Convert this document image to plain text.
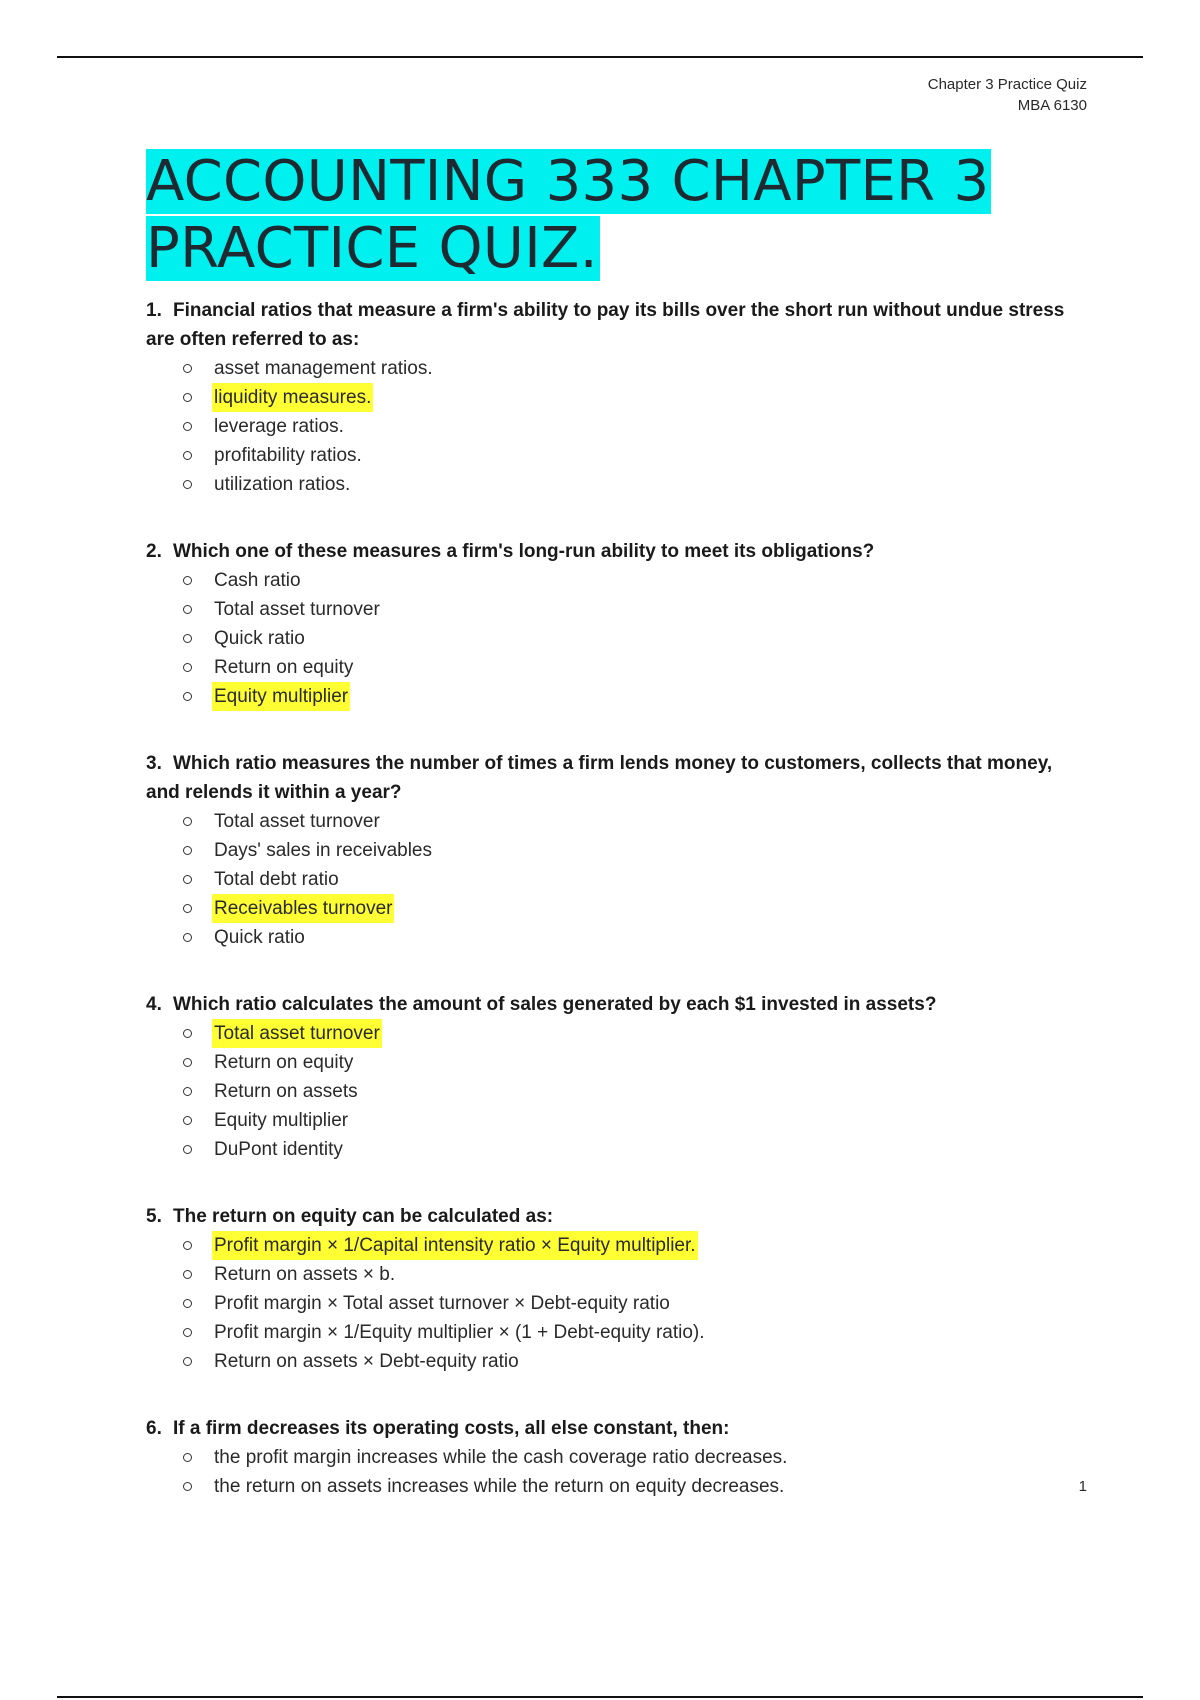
Chapter 3 Practice Quiz
MBA 6130
ACCOUNTING 333 CHAPTER 3
PRACTICE QUIZ.

1. Financial ratios that measure a firm's ability to pay its bills over the short run without undue stress are often referred to as:

asset management ratios.
liquidity measures.
leverage ratios.
profitability ratios.
utilization ratios.

2. Which one of these measures a firm's long-run ability to meet its obligations?

Cash ratio
Total asset turnover
Quick ratio
Return on equity
Equity multiplier

3. Which ratio measures the number of times a firm lends money to customers, collects that money, and relends it within a year?

Total asset turnover
Days' sales in receivables
Total debt ratio
Receivables turnover
Quick ratio

4. Which ratio calculates the amount of sales generated by each $1 invested in assets?

Total asset turnover
Return on equity
Return on assets
Equity multiplier
DuPont identity

5. The return on equity can be calculated as:

Profit margin × 1/Capital intensity ratio × Equity multiplier.
Return on assets × b.
Profit margin × Total asset turnover × Debt-equity ratio
Profit margin × 1/Equity multiplier × (1 + Debt-equity ratio).
Return on assets × Debt-equity ratio

6. If a firm decreases its operating costs, all else constant, then:

the profit margin increases while the cash coverage ratio decreases.
the return on assets increases while the return on equity decreases.	1
